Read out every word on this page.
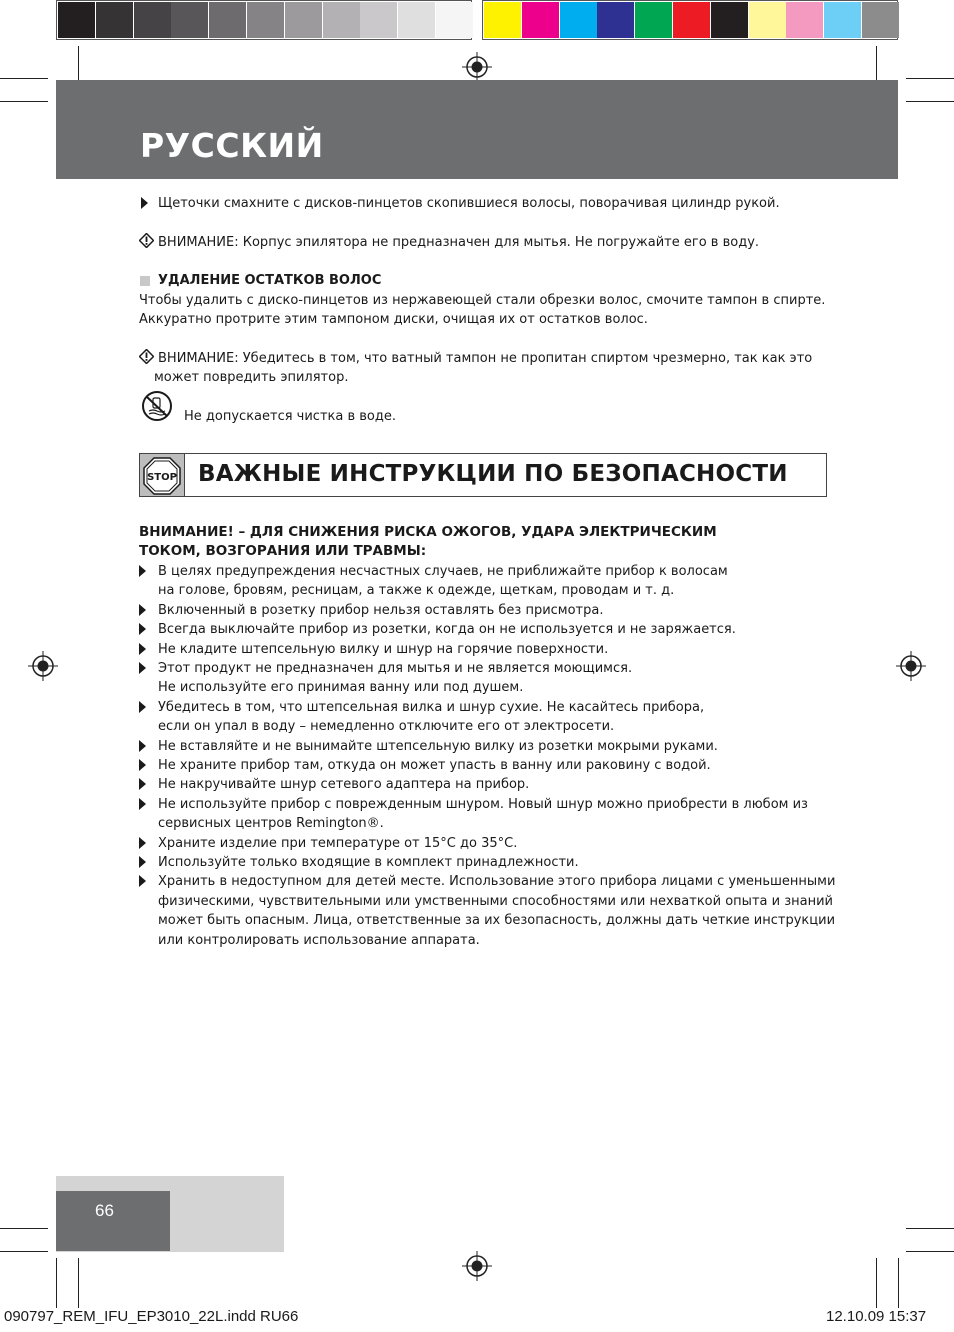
РУССКИЙ
Щеточки смахните с дисков-пинцетов скопившиеся волосы, поворачивая цилиндр рукой.
ВНИМАНИЕ: Корпус эпилятора не предназначен для мытья. Не погружайте его в воду.
УДАЛЕНИЕ ОСТАТКОВ ВОЛОС
Чтобы удалить с диско-пинцетов из нержавеющей стали обрезки волос, смочите тампон в спирте.
Аккуратно протрите этим тампоном диски, очищая их от остатков волос.
ВНИМАНИЕ: Убедитесь в том, что ватный тампон не пропитан спиртом чрезмерно, так как это
может повредить эпилятор.
Не допускается чистка в воде.
STOP ВАЖНЫЕ ИНСТРУКЦИИ ПО БЕЗОПАСНОСТИ
ВНИМАНИЕ! – ДЛЯ СНИЖЕНИЯ РИСКА ОЖОГОВ, УДАРА ЭЛЕКТРИЧЕСКИМ
ТОКОМ, ВОЗГОРАНИЯ ИЛИ ТРАВМЫ:
В целях предупреждения несчастных случаев, не приближайте прибор к волосам
на голове, бровям, ресницам, а также к одежде, щеткам, проводам и т. д.
Включенный в розетку прибор нельзя оставлять без присмотра.
Всегда выключайте прибор из розетки, когда он не используется и не заряжается.
Не кладите штепсельную вилку и шнур на горячие поверхности.
Этот продукт не предназначен для мытья и не является моющимся.
Не используйте его принимая ванну или под душем.
Убедитесь в том, что штепсельная вилка и шнур сухие. Не касайтесь прибора,
если он упал в воду – немедленно отключите его от электросети.
Не вставляйте и не вынимайте штепсельную вилку из розетки мокрыми руками.
Не храните прибор там, откуда он может упасть в ванну или раковину с водой.
Не накручивайте шнур сетевого адаптера на прибор.
Не используйте прибор с поврежденным шнуром. Новый шнур можно приобрести в любом из
сервисных центров Remington®.
Храните изделие при температуре от 15°C до 35°C.
Используйте только входящие в комплект принадлежности.
Хранить в недоступном для детей месте. Использование этого прибора лицами с уменьшенными
физическими, чувствительными или умственными способностями или нехваткой опыта и знаний
может быть опасным. Лица, ответственные за их безопасность, должны дать четкие инструкции
или контролировать использование аппарата.
66
090797_REM_IFU_EP3010_22L.indd RU66	12.10.09 15:37
